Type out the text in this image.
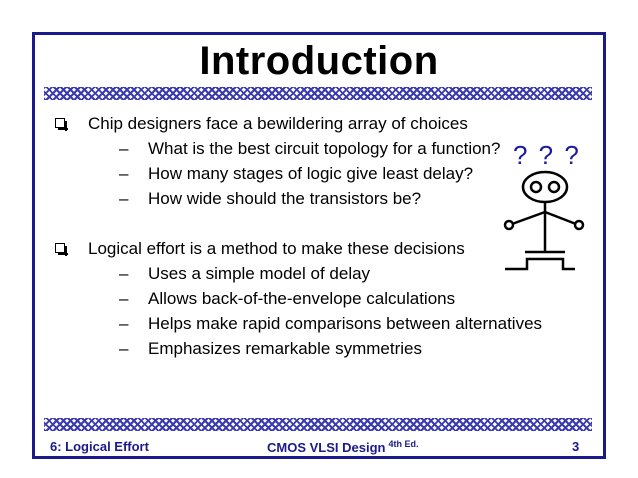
Introduction
Chip designers face a bewildering array of choices
– What is the best circuit topology for a function?
– How many stages of logic give least delay?
– How wide should the transistors be?
Logical effort is a method to make these decisions
– Uses a simple model of delay
– Allows back-of-the-envelope calculations
– Helps make rapid comparisons between alternatives
– Emphasizes remarkable symmetries
? ? ?
6: Logical Effort	CMOS VLSI Design $^{4th Ed.}$	3
